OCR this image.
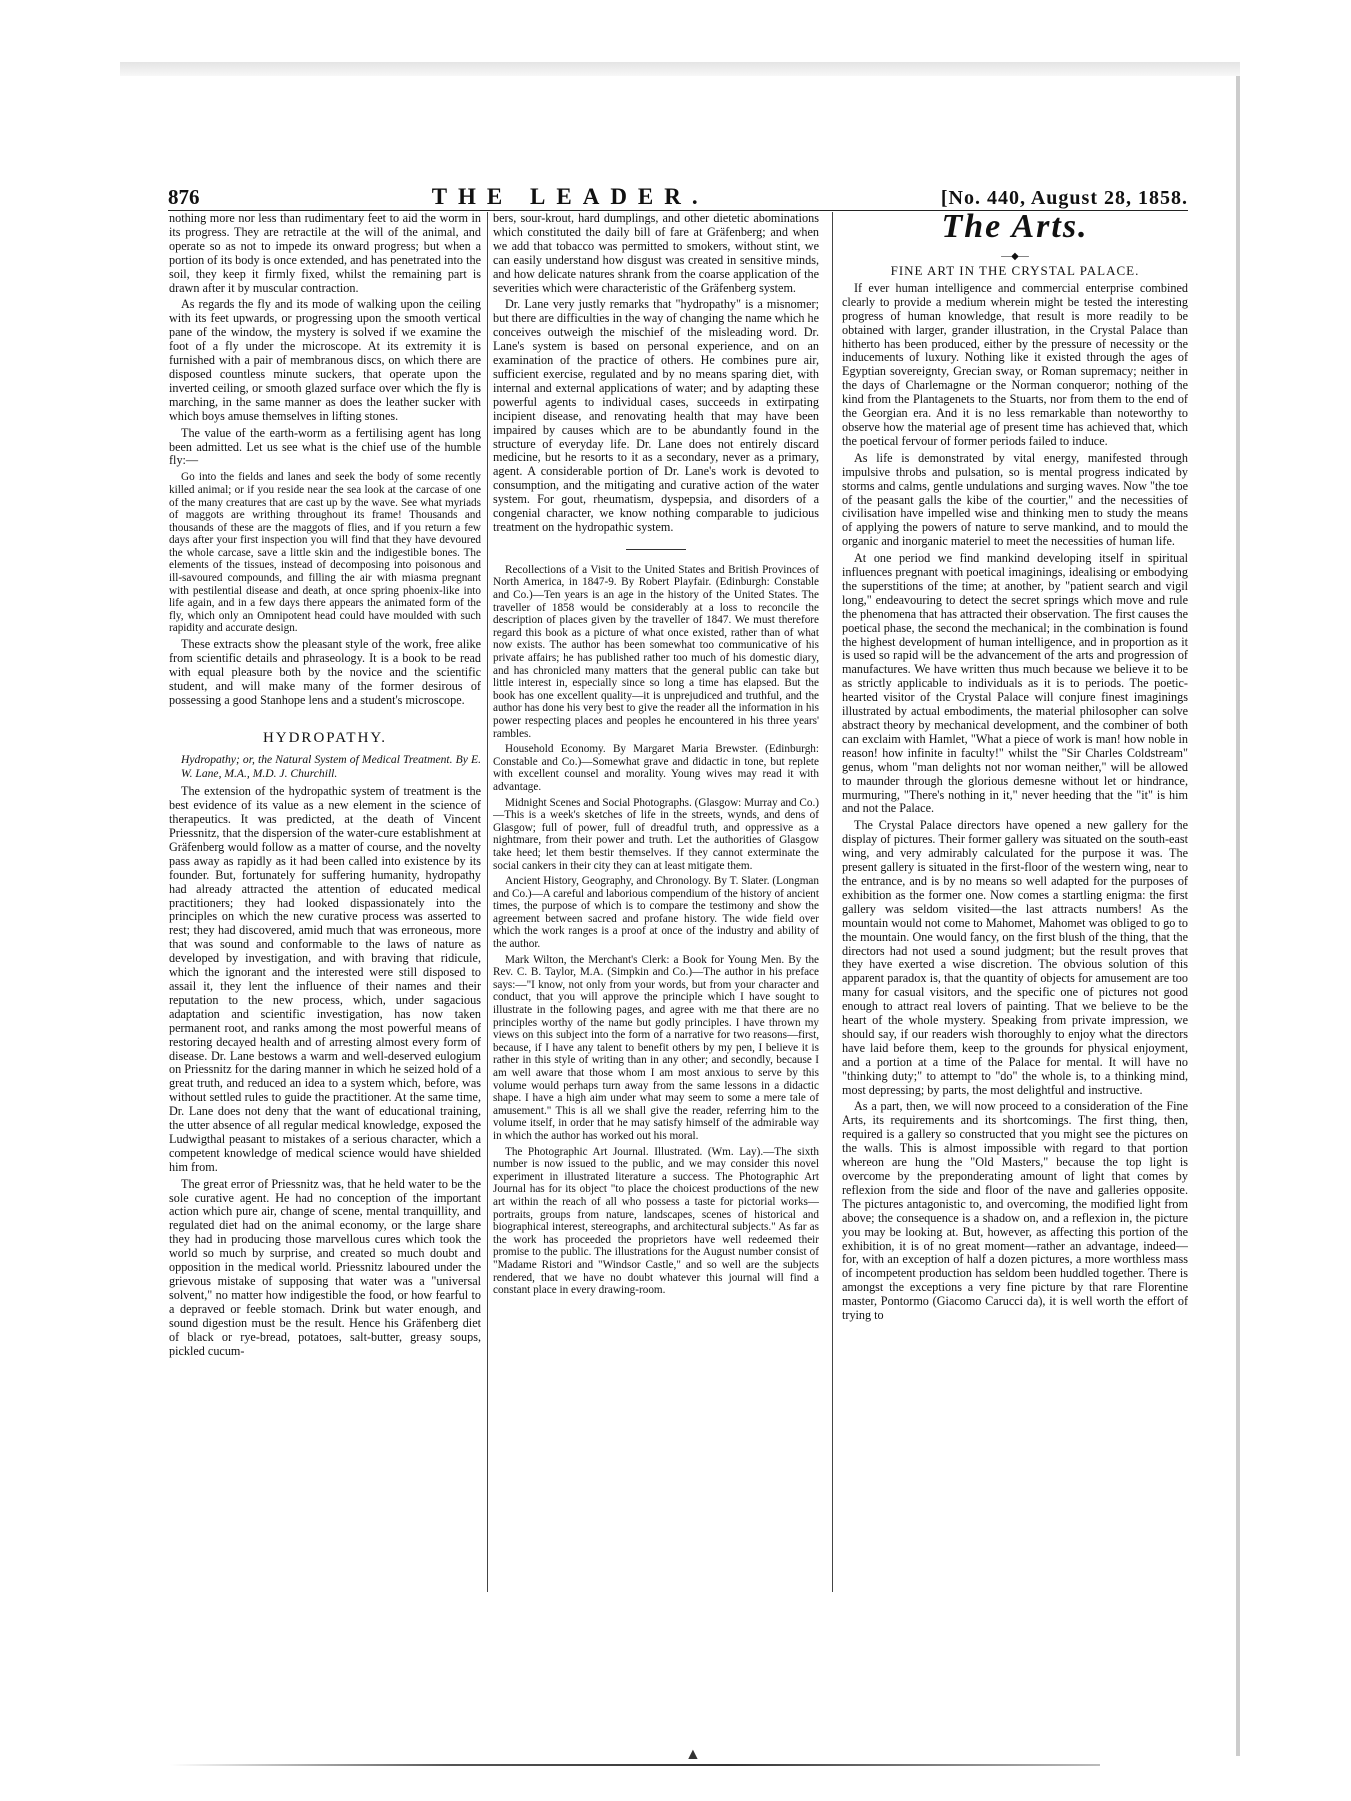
876	THE LEADER.	[No. 440, August 28, 1858.

nothing more nor less than rudimentary feet to aid the worm in its progress. They are retractile at the will of the animal, and operate so as not to impede its onward progress; but when a portion of its body is once extended, and has penetrated into the soil, they keep it firmly fixed, whilst the remaining part is drawn after it by muscular contraction.

As regards the fly and its mode of walking upon the ceiling with its feet upwards, or progressing upon the smooth vertical pane of the window, the mystery is solved if we examine the foot of a fly under the microscope. At its extremity it is furnished with a pair of membranous discs, on which there are disposed countless minute suckers, that operate upon the inverted ceiling, or smooth glazed surface over which the fly is marching, in the same manner as does the leather sucker with which boys amuse themselves in lifting stones.

The value of the earth-worm as a fertilising agent has long been admitted. Let us see what is the chief use of the humble fly:—

Go into the fields and lanes and seek the body of some recently killed animal; or if you reside near the sea look at the carcase of one of the many creatures that are cast up by the wave. See what myriads of maggots are writhing throughout its frame! Thousands and thousands of these are the maggots of flies, and if you return a few days after your first inspection you will find that they have devoured the whole carcase, save a little skin and the indigestible bones. The elements of the tissues, instead of decomposing into poisonous and ill-savoured compounds, and filling the air with miasma pregnant with pestilential disease and death, at once spring phoenix-like into life again, and in a few days there appears the animated form of the fly, which only an Omnipotent head could have moulded with such rapidity and accurate design.

These extracts show the pleasant style of the work, free alike from scientific details and phraseology. It is a book to be read with equal pleasure both by the novice and the scientific student, and will make many of the former desirous of possessing a good Stanhope lens and a student's microscope.

HYDROPATHY.

Hydropathy; or, the Natural System of Medical Treatment. By E. W. Lane, M.A., M.D. J. Churchill.

The extension of the hydropathic system of treatment is the best evidence of its value as a new element in the science of therapeutics. It was predicted, at the death of Vincent Priessnitz, that the dispersion of the water-cure establishment at Gräfenberg would follow as a matter of course, and the novelty pass away as rapidly as it had been called into existence by its founder. But, fortunately for suffering humanity, hydropathy had already attracted the attention of educated medical practitioners; they had looked dispassionately into the principles on which the new curative process was asserted to rest; they had discovered, amid much that was erroneous, more that was sound and conformable to the laws of nature as developed by investigation, and with braving that ridicule, which the ignorant and the interested were still disposed to assail it, they lent the influence of their names and their reputation to the new process, which, under sagacious adaptation and scientific investigation, has now taken permanent root, and ranks among the most powerful means of restoring decayed health and of arresting almost every form of disease. Dr. Lane bestows a warm and well-deserved eulogium on Priessnitz for the daring manner in which he seized hold of a great truth, and reduced an idea to a system which, before, was without settled rules to guide the practitioner. At the same time, Dr. Lane does not deny that the want of educational training, the utter absence of all regular medical knowledge, exposed the Ludwigthal peasant to mistakes of a serious character, which a competent knowledge of medical science would have shielded him from.

The great error of Priessnitz was, that he held water to be the sole curative agent. He had no conception of the important action which pure air, change of scene, mental tranquillity, and regulated diet had on the animal economy, or the large share they had in producing those marvellous cures which took the world so much by surprise, and created so much doubt and opposition in the medical world. Priessnitz laboured under the grievous mistake of supposing that water was a "universal solvent," no matter how indigestible the food, or how fearful to a depraved or feeble stomach. Drink but water enough, and sound digestion must be the result. Hence his Gräfenberg diet of black or rye-bread, potatoes, salt-butter, greasy soups, pickled cucum-

bers, sour-krout, hard dumplings, and other dietetic abominations which constituted the daily bill of fare at Gräfenberg; and when we add that tobacco was permitted to smokers, without stint, we can easily understand how disgust was created in sensitive minds, and how delicate natures shrank from the coarse application of the severities which were characteristic of the Gräfenberg system.

Dr. Lane very justly remarks that "hydropathy" is a misnomer; but there are difficulties in the way of changing the name which he conceives outweigh the mischief of the misleading word. Dr. Lane's system is based on personal experience, and on an examination of the practice of others. He combines pure air, sufficient exercise, regulated and by no means sparing diet, with internal and external applications of water; and by adapting these powerful agents to individual cases, succeeds in extirpating incipient disease, and renovating health that may have been impaired by causes which are to be abundantly found in the structure of everyday life. Dr. Lane does not entirely discard medicine, but he resorts to it as a secondary, never as a primary, agent. A considerable portion of Dr. Lane's work is devoted to consumption, and the mitigating and curative action of the water system. For gout, rheumatism, dyspepsia, and disorders of a congenial character, we know nothing comparable to judicious treatment on the hydropathic system.

Recollections of a Visit to the United States and British Provinces of North America, in 1847-9. By Robert Playfair. (Edinburgh: Constable and Co.)—Ten years is an age in the history of the United States. The traveller of 1858 would be considerably at a loss to reconcile the description of places given by the traveller of 1847. We must therefore regard this book as a picture of what once existed, rather than of what now exists. The author has been somewhat too communicative of his private affairs; he has published rather too much of his domestic diary, and has chronicled many matters that the general public can take but little interest in, especially since so long a time has elapsed. But the book has one excellent quality—it is unprejudiced and truthful, and the author has done his very best to give the reader all the information in his power respecting places and peoples he encountered in his three years' rambles.

Household Economy. By Margaret Maria Brewster. (Edinburgh: Constable and Co.)—Somewhat grave and didactic in tone, but replete with excellent counsel and morality. Young wives may read it with advantage.

Midnight Scenes and Social Photographs. (Glasgow: Murray and Co.)—This is a week's sketches of life in the streets, wynds, and dens of Glasgow; full of power, full of dreadful truth, and oppressive as a nightmare, from their power and truth. Let the authorities of Glasgow take heed; let them bestir themselves. If they cannot exterminate the social cankers in their city they can at least mitigate them.

Ancient History, Geography, and Chronology. By T. Slater. (Longman and Co.)—A careful and laborious compendium of the history of ancient times, the purpose of which is to compare the testimony and show the agreement between sacred and profane history. The wide field over which the work ranges is a proof at once of the industry and ability of the author.

Mark Wilton, the Merchant's Clerk: a Book for Young Men. By the Rev. C. B. Taylor, M.A. (Simpkin and Co.)—The author in his preface says:—"I know, not only from your words, but from your character and conduct, that you will approve the principle which I have sought to illustrate in the following pages, and agree with me that there are no principles worthy of the name but godly principles. I have thrown my views on this subject into the form of a narrative for two reasons—first, because, if I have any talent to benefit others by my pen, I believe it is rather in this style of writing than in any other; and secondly, because I am well aware that those whom I am most anxious to serve by this volume would perhaps turn away from the same lessons in a didactic shape. I have a high aim under what may seem to some a mere tale of amusement." This is all we shall give the reader, referring him to the volume itself, in order that he may satisfy himself of the admirable way in which the author has worked out his moral.

The Photographic Art Journal. Illustrated. (Wm. Lay).—The sixth number is now issued to the public, and we may consider this novel experiment in illustrated literature a success. The Photographic Art Journal has for its object "to place the choicest productions of the new art within the reach of all who possess a taste for pictorial works—portraits, groups from nature, landscapes, scenes of historical and biographical interest, stereographs, and architectural subjects." As far as the work has proceeded the proprietors have well redeemed their promise to the public. The illustrations for the August number consist of "Madame Ristori and "Windsor Castle," and so well are the subjects rendered, that we have no doubt whatever this journal will find a constant place in every drawing-room.

The Arts.
—◆—
FINE ART IN THE CRYSTAL PALACE.

If ever human intelligence and commercial enterprise combined clearly to provide a medium wherein might be tested the interesting progress of human knowledge, that result is more readily to be obtained with larger, grander illustration, in the Crystal Palace than hitherto has been produced, either by the pressure of necessity or the inducements of luxury. Nothing like it existed through the ages of Egyptian sovereignty, Grecian sway, or Roman supremacy; neither in the days of Charlemagne or the Norman conqueror; nothing of the kind from the Plantagenets to the Stuarts, nor from them to the end of the Georgian era. And it is no less remarkable than noteworthy to observe how the material age of present time has achieved that, which the poetical fervour of former periods failed to induce.

As life is demonstrated by vital energy, manifested through impulsive throbs and pulsation, so is mental progress indicated by storms and calms, gentle undulations and surging waves. Now "the toe of the peasant galls the kibe of the courtier," and the necessities of civilisation have impelled wise and thinking men to study the means of applying the powers of nature to serve mankind, and to mould the organic and inorganic materiel to meet the necessities of human life.

At one period we find mankind developing itself in spiritual influences pregnant with poetical imaginings, idealising or embodying the superstitions of the time; at another, by "patient search and vigil long," endeavouring to detect the secret springs which move and rule the phenomena that has attracted their observation. The first causes the poetical phase, the second the mechanical; in the combination is found the highest development of human intelligence, and in proportion as it is used so rapid will be the advancement of the arts and progression of manufactures. We have written thus much because we believe it to be as strictly applicable to individuals as it is to periods. The poetic-hearted visitor of the Crystal Palace will conjure finest imaginings illustrated by actual embodiments, the material philosopher can solve abstract theory by mechanical development, and the combiner of both can exclaim with Hamlet, "What a piece of work is man! how noble in reason! how infinite in faculty!" whilst the "Sir Charles Coldstream" genus, whom "man delights not nor woman neither," will be allowed to maunder through the glorious demesne without let or hindrance, murmuring, "There's nothing in it," never heeding that the "it" is him and not the Palace.

The Crystal Palace directors have opened a new gallery for the display of pictures. Their former gallery was situated on the south-east wing, and very admirably calculated for the purpose it was. The present gallery is situated in the first-floor of the western wing, near to the entrance, and is by no means so well adapted for the purposes of exhibition as the former one. Now comes a startling enigma: the first gallery was seldom visited—the last attracts numbers! As the mountain would not come to Mahomet, Mahomet was obliged to go to the mountain. One would fancy, on the first blush of the thing, that the directors had not used a sound judgment; but the result proves that they have exerted a wise discretion. The obvious solution of this apparent paradox is, that the quantity of objects for amusement are too many for casual visitors, and the specific one of pictures not good enough to attract real lovers of painting. That we believe to be the heart of the whole mystery. Speaking from private impression, we should say, if our readers wish thoroughly to enjoy what the directors have laid before them, keep to the grounds for physical enjoyment, and a portion at a time of the Palace for mental. It will have no "thinking duty;" to attempt to "do" the whole is, to a thinking mind, most depressing; by parts, the most delightful and instructive.

As a part, then, we will now proceed to a consideration of the Fine Arts, its requirements and its shortcomings. The first thing, then, required is a gallery so constructed that you might see the pictures on the walls. This is almost impossible with regard to that portion whereon are hung the "Old Masters," because the top light is overcome by the preponderating amount of light that comes by reflexion from the side and floor of the nave and galleries opposite. The pictures antagonistic to, and overcoming, the modified light from above; the consequence is a shadow on, and a reflexion in, the picture you may be looking at. But, however, as affecting this portion of the exhibition, it is of no great moment—rather an advantage, indeed—for, with an exception of half a dozen pictures, a more worthless mass of incompetent production has seldom been huddled together. There is amongst the exceptions a very fine picture by that rare Florentine master, Pontormo (Giacomo Carucci da), it is well worth the effort of trying to

▲
